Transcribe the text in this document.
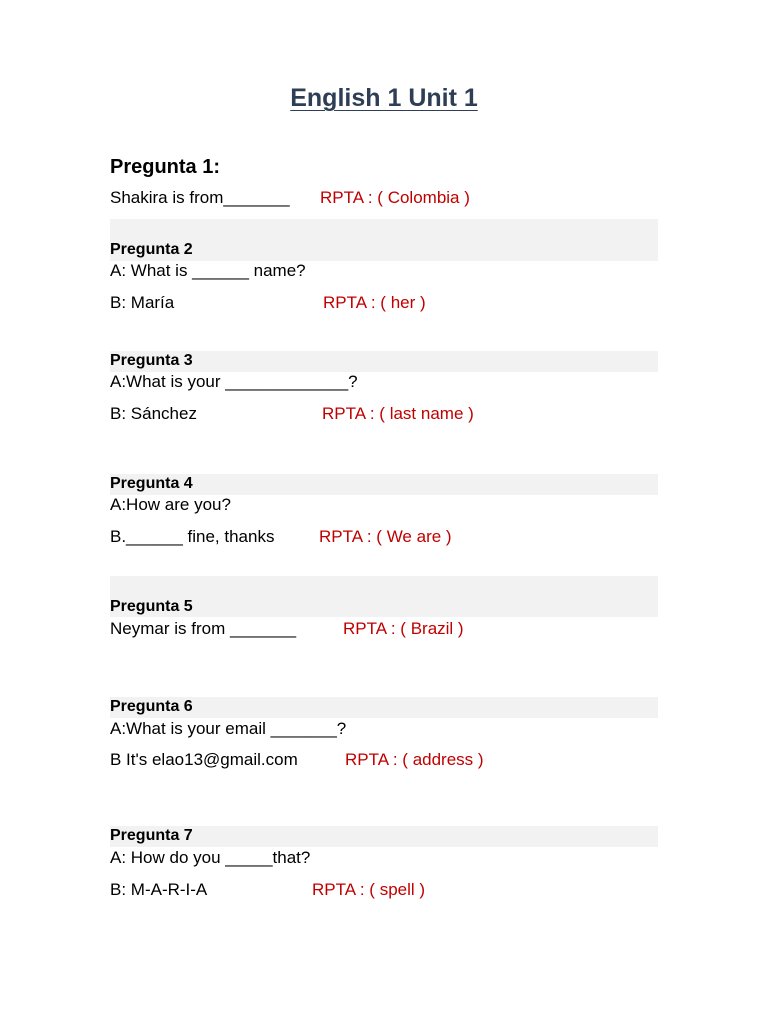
English 1 Unit 1
Pregunta 1:
Shakira is from_______ RPTA : ( Colombia )
Pregunta 2
A: What is ______ name?
B: María	RPTA : ( her )
Pregunta 3
A:What is your _____________?
B: Sánchez	RPTA : ( last name )
Pregunta 4
A:How are you?
B.______ fine, thanks	RPTA : ( We are )
Pregunta 5
Neymar is from _______	RPTA : ( Brazil )
Pregunta 6
A:What is your email _______?
B It's elao13@gmail.com	RPTA : ( address )
Pregunta 7
A: How do you _____that?
B: M-A-R-I-A	RPTA : ( spell )
